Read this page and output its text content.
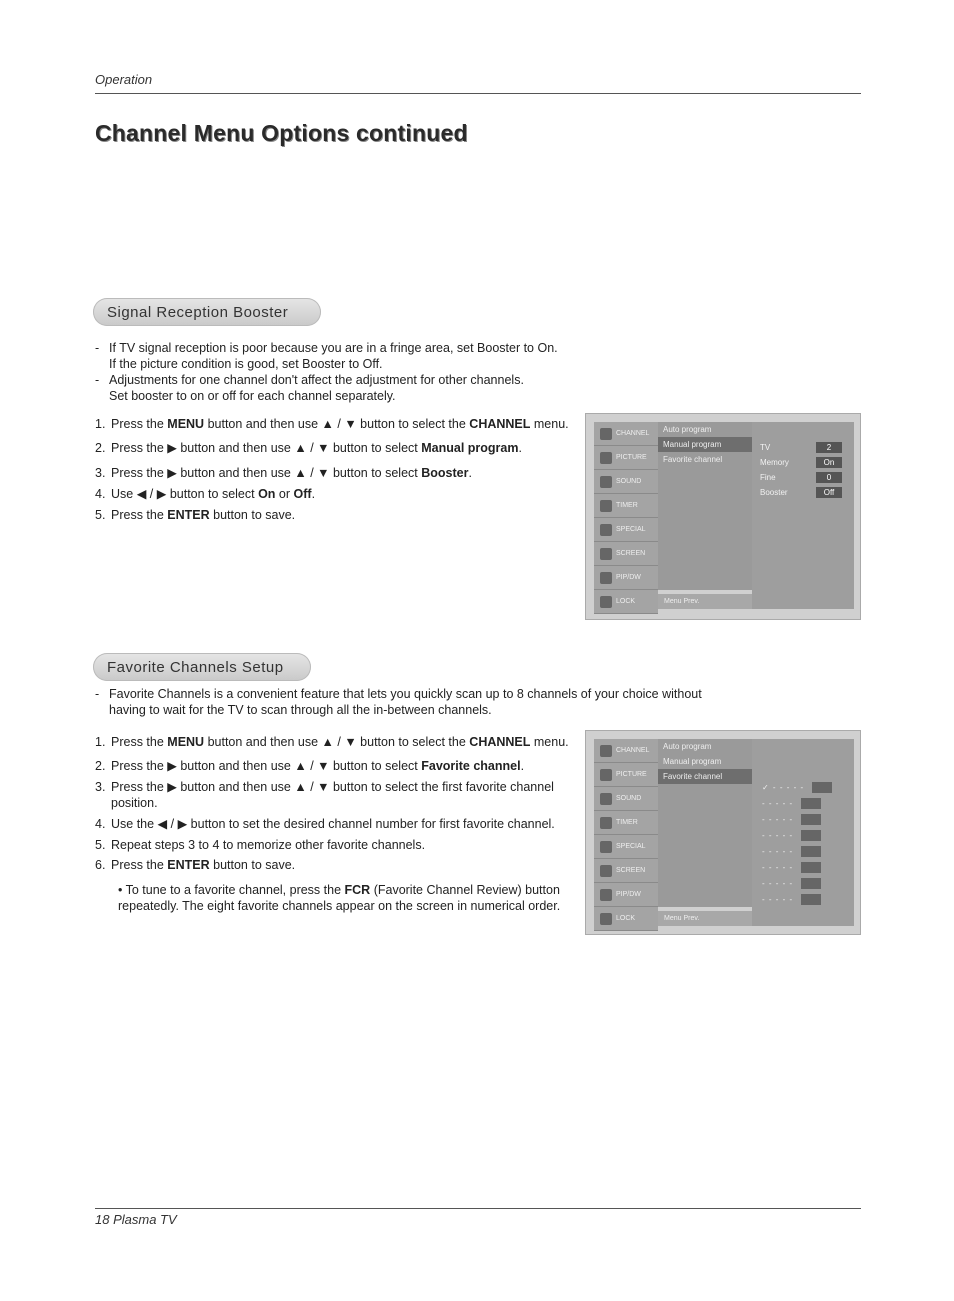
Operation
Channel Menu Options continued
Signal Reception Booster
- If TV signal reception is poor because you are in a fringe area, set Booster to On.
If the picture condition is good, set Booster to Off.
- Adjustments for one channel don't affect the adjustment for other channels.
Set booster to on or off for each channel separately.
1. Press the MENU button and then use ▲ / ▼ button to select the CHANNEL menu.
2. Press the ▶ button and then use ▲ / ▼ button to select Manual program.
3. Press the ▶ button and then use ▲ / ▼ button to select Booster.
4. Use ◀ / ▶ button to select On or Off.
5. Press the ENTER button to save.
CHANNEL
PICTURE
SOUND
TIMER
SPECIAL
SCREEN
PIP/DW
LOCK
Auto program
Manual program
Favorite channel
Menu Prev.
TV	2
Memory	On
Fine	0
Booster	Off
Favorite Channels Setup
- Favorite Channels is a convenient feature that lets you quickly scan up to 8 channels of your choice without
having to wait for the TV to scan through all the in-between channels.
1. Press the MENU button and then use ▲ / ▼ button to select the CHANNEL menu.
2. Press the ▶ button and then use ▲ / ▼ button to select Favorite channel.
3. Press the ▶ button and then use ▲ / ▼ button to select the first favorite channel
position.
4. Use the ◀ / ▶ button to set the desired channel number for first favorite channel.
5. Repeat steps 3 to 4 to memorize other favorite channels.
6. Press the ENTER button to save.
• To tune to a favorite channel, press the FCR (Favorite Channel Review) button repeatedly. The eight favorite channels appear on the screen in numerical order.
CHANNEL
PICTURE
SOUND
TIMER
SPECIAL
SCREEN
PIP/DW
LOCK
Auto program
Manual program
Favorite channel
Menu Prev.
✓ - - - - -
- - - - -
- - - - -
- - - - -
- - - - -
- - - - -
- - - - -
- - - - -
18 Plasma TV
